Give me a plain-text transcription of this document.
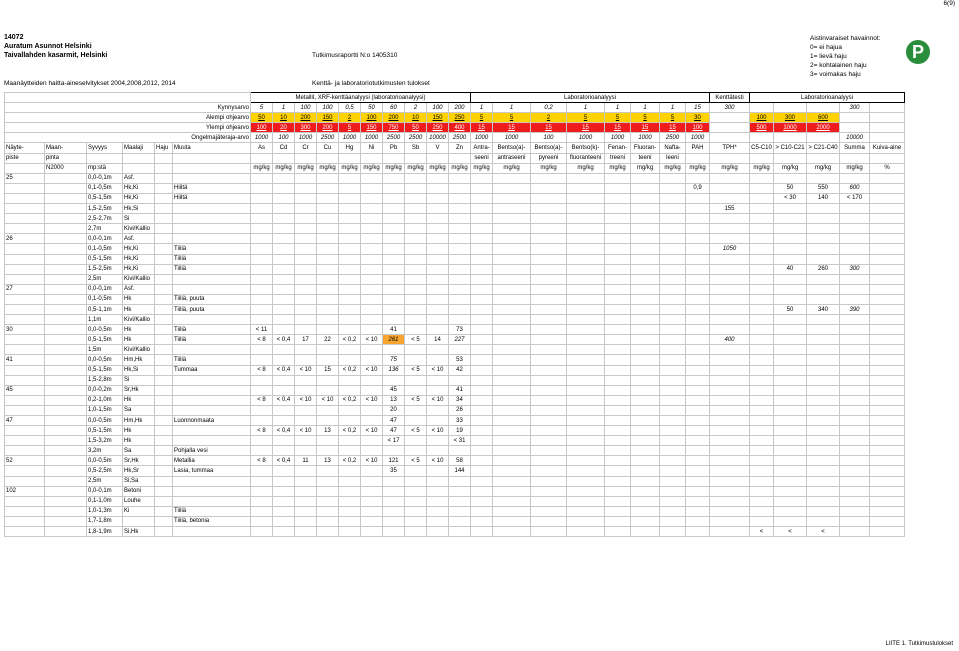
6(9)
14072
Auratum Asunnot Helsinki
Taivallahden kasarmit, Helsinki	Tutkimusraportti N:o 1405310
Maanäytteiden haitta-aineselvitykset 2004,2008,2012, 2014	Kenttä- ja laboratoriotutkimusten tulokset
Aistinvaraiset havainnot:
0= ei hajua
1= lievä haju
2= kohtalainen haju
3= voimakas haju
P
						Metallit, XRF-kenttäanalyysi (laboratorioanalyysi)										Laboratorioanalyysi								Kenttätesti	Laboratorioanalyysi				
Kynnysarvo						5	1	100	100	0,5	50	60	2	100	200	1	1	0,2	1	1	1	1	15	300				300	
Alempi ohjearvo						50	10	200	150	2	100	200	10	150	250	5	5	2	5	5	5	5	30		100	300	600		
Ylempi ohjearvo						100	20	300	200	5	150	750	50	250	400	15	15	15	15	15	15	15	100		500	1000	2000		
Ongelmajäteraja-arvo						1000	100	1000	2500	1000	1000	2500	2500	10000	2500	1000	1000	100	1000	1000	1000	2500	1000					10000	
Näyte-	Maan-	Syvyys	Maalaji	Haju	Muuta	As	Cd	Cr	Cu	Hg	Ni	Pb	Sb	V	Zn	Antra-	Bentso(a)-	Bentso(a)-	Bentso(k)-	Fenan-	Fluoran-	Nafta-	PAH	TPH*	C5-C10	> C10-C21	> C21-C40	Summa	Kuiva-aine
piste	pinta															seeni	antraseeni	pyreeni	fluoranteeni	treeni	teeni	leeni							
	N2000	mp:stä				mg/kg	mg/kg	mg/kg	mg/kg	mg/kg	mg/kg	mg/kg	mg/kg	mg/kg	mg/kg	mg/kg	mg/kg	mg/kg	mg/kg	mg/kg	mg/kg	mg/kg	mg/kg	mg/kg	mg/kg	mg/kg	mg/kg	mg/kg	%
25		0,0-0,1m	Asf.																										
		0,1-0,5m	Hk,Ki		Hiiltä																		0,9			50	550	600	
		0,5-1,5m	Hk,Ki		Hiiltä																					< 30	140	< 170	
		1,5-2,5m	Hk,Si																					155					
		2,5-2,7m	Si																										
		2,7m	Kivi/Kallio																										
26		0,0-0,1m	Asf.																										
		0,1-0,5m	Hk,Ki		Tiiliä																			1050					
		0,5-1,5m	Hk,Ki		Tiiliä																								
		1,5-2,5m	Hk,Ki		Tiiliä																					40	260	300	
		2,5m	Kivi/Kallio																										
27		0,0-0,1m	Asf.																										
		0,1-0,5m	Hk		Tiiliä, puuta																								
		0,5-1,1m	Hk		Tiiliä, puuta																					50	340	390	
		1,1m	Kivi/Kallio																										
30		0,0-0,5m	Hk		Tiiliä	< 11						41			73														
		0,5-1,5m	Hk		Tiiliä	< 8	< 0,4	17	22	< 0,2	< 10	261	< 5	14	227									400					
		1,5m	Kivi/Kallio																										
41		0,0-0,5m	Hm,Hk		Tiiliä							75			53														
		0,5-1,5m	Hk,Si		Tummaa	< 8	< 0,4	< 10	15	< 0,2	< 10	136	< 5	< 10	42														
		1,5-2,8m	Si																										
45		0,0-0,2m	Sr,Hk									45			41														
		0,2-1,0m	Hk			< 8	< 0,4	< 10	< 10	< 0,2	< 10	13	< 5	< 10	34														
		1,0-1,5m	Sa									20			26														
47		0,0-0,5m	Hm,Hk		Luonnonmaata							47			33														
		0,5-1,5m	Hk			< 8	< 0,4	< 10	13	< 0,2	< 10	47	< 5	< 10	19														
		1,5-3,2m	Hk									< 17			< 31														
		3,2m	Sa		Pohjalla vesi																								
52		0,0-0,5m	Sr,Hk		Metallia	< 8	< 0,4	11	13	< 0,2	< 10	121	< 5	< 10	58														
		0,5-2,5m	Hk,Sr		Lasia, tummaa							35			144														
		2,5m	Si,Sa																										
102		0,0-0,1m	Betoni																										
		0,1-1,0m	Louhe																										
		1,0-1,3m	Ki		Tiiliä																								
		1,7-1,8m			Tiiliä, betonia																								
		1,8-1,9m	Si,Hk																						<	<	<		
LIITE 1. Tutkimustulokset
